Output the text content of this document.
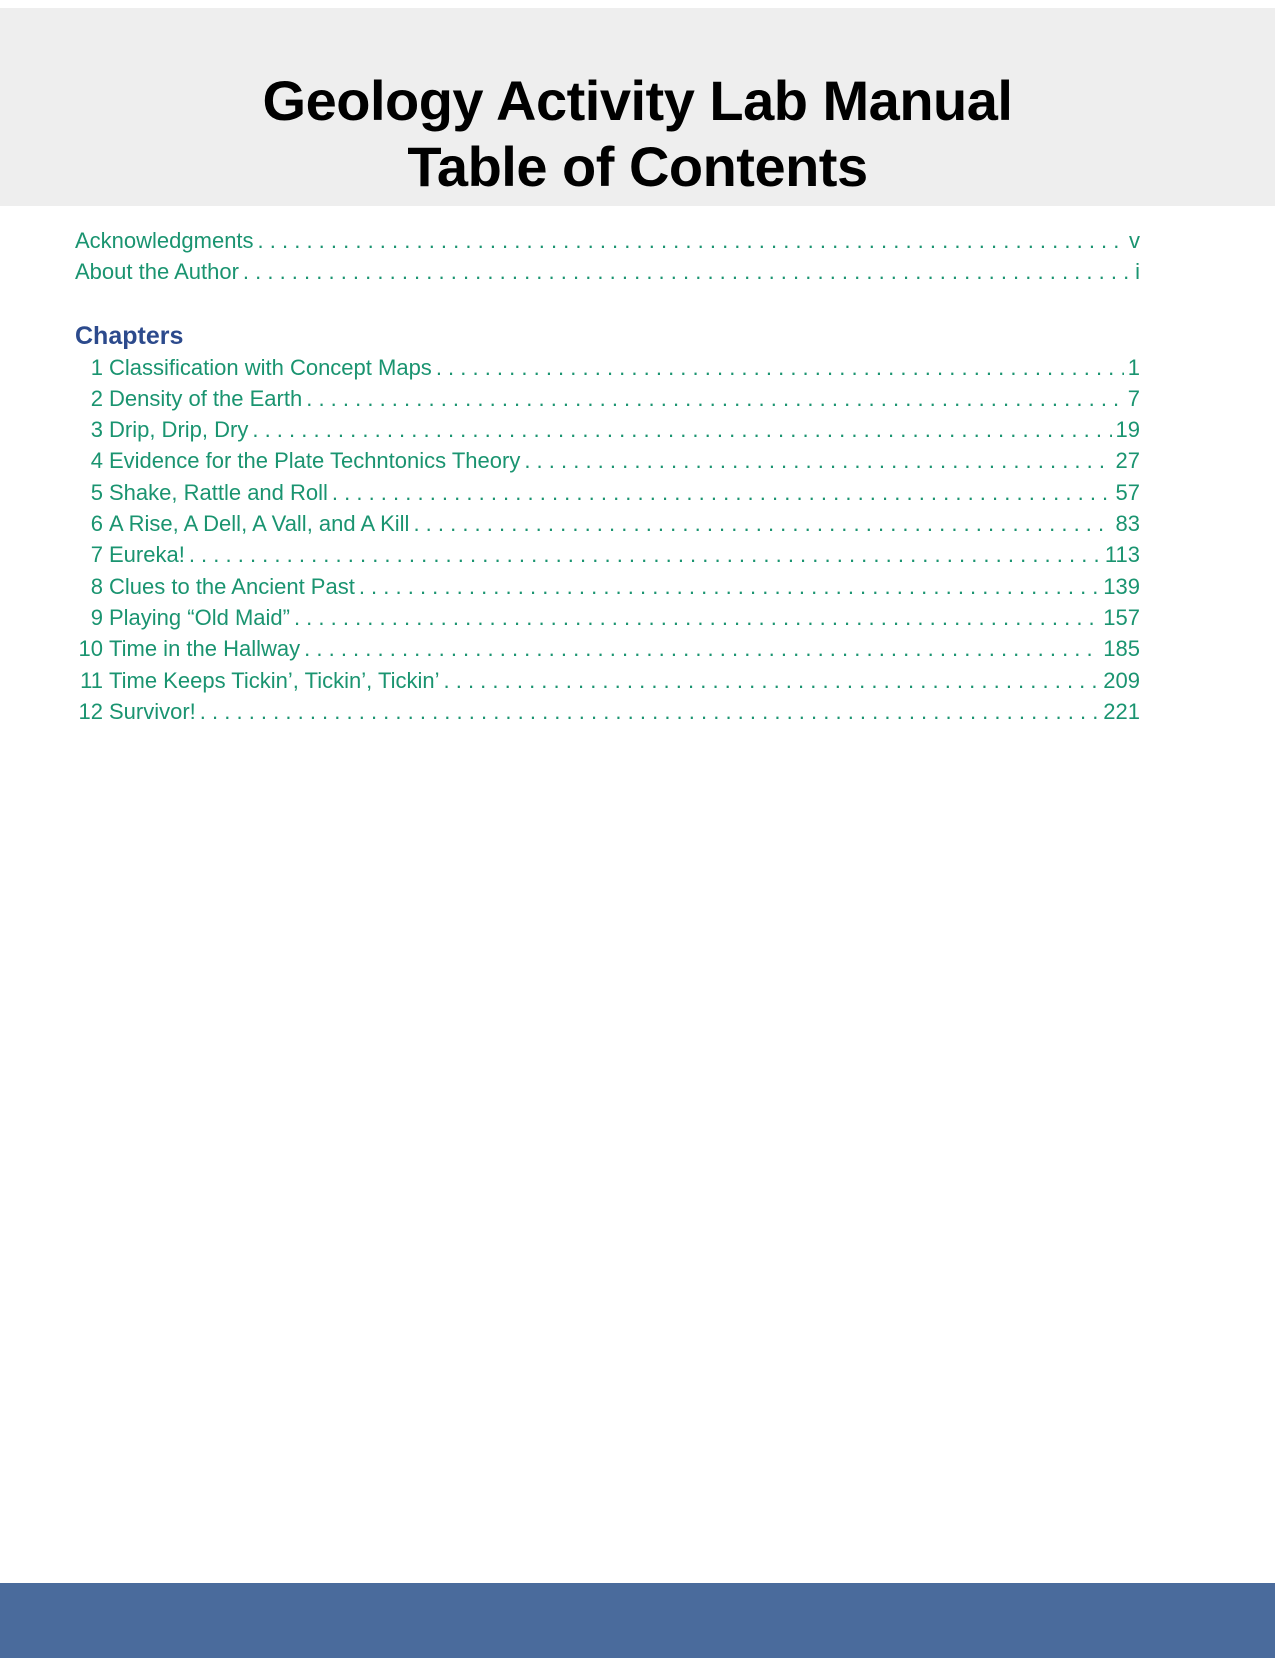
Geology Activity Lab Manual
Table of Contents
Acknowledgments . . .	v
About the Author . . .	i
Chapters
1 Classification with Concept Maps . . .	1
2 Density of the Earth . . .	7
3 Drip, Drip, Dry . . .	19
4 Evidence for the Plate Techntonics Theory . . .	27
5 Shake, Rattle and Roll . . .	57
6 A Rise, A Dell, A Vall, and A Kill . . .	83
7 Eureka! . . .	113
8 Clues to the Ancient Past . . .	139
9 Playing “Old Maid” . . .	157
10 Time in the Hallway . . .	185
11 Time Keeps Tickin’, Tickin’, Tickin’ . . .	209
12 Survivor! . . .	221
